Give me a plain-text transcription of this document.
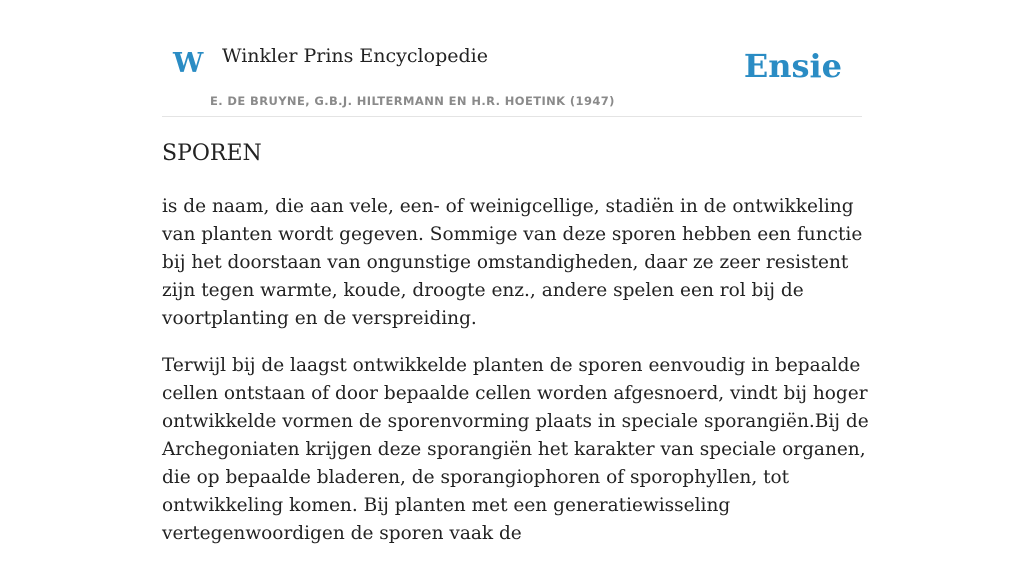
W Winkler Prins Encyclopedie
E. DE BRUYNE, G.B.J. HILTERMANN EN H.R. HOETINK (1947)
Ensie
SPOREN

is de naam, die aan vele, een- of weinigcellige, stadiën in de ontwikkeling van planten wordt gegeven. Sommige van deze sporen hebben een functie bij het doorstaan van ongunstige omstandigheden, daar ze zeer resistent zijn tegen warmte, koude, droogte enz., andere spelen een rol bij de voortplanting en de verspreiding.

Terwijl bij de laagst ontwikkelde planten de sporen eenvoudig in bepaalde cellen ontstaan of door bepaalde cellen worden afgesnoerd, vindt bij hoger ontwikkelde vormen de sporenvorming plaats in speciale sporangiën.Bij de Archegoniaten krijgen deze sporangiën het karakter van speciale organen, die op bepaalde bladeren, de sporangiophoren of sporophyllen, tot ontwikkeling komen. Bij planten met een generatiewisseling vertegenwoordigen de sporen vaak de
